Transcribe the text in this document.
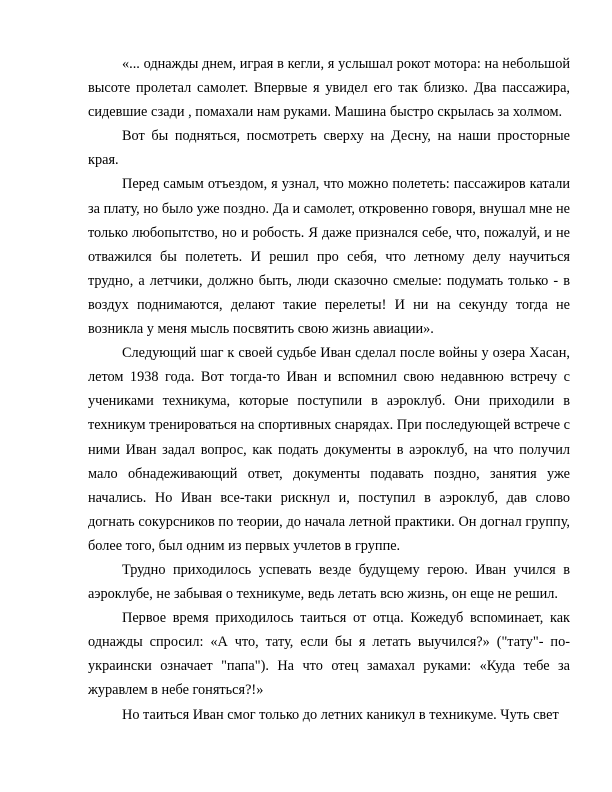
«... однажды днем, играя в кегли, я услышал рокот мотора: на небольшой высоте пролетал самолет. Впервые я увидел его так близко. Два пассажира, сидевшие сзади , помахали нам руками. Машина быстро скрылась за холмом.

Вот бы подняться, посмотреть сверху на Десну, на наши просторные края.

Перед самым отъездом, я узнал, что можно полететь: пассажиров катали за плату, но было уже поздно. Да и самолет, откровенно говоря, внушал мне не только любопытство, но и робость. Я даже признался себе, что, пожалуй, и не отважился бы полететь. И решил про себя, что летному делу научиться трудно, а летчики, должно быть, люди сказочно смелые: подумать только - в воздух поднимаются, делают такие перелеты! И ни на секунду тогда не возникла у меня мысль посвятить свою жизнь авиации».

Следующий шаг к своей судьбе Иван сделал после войны у озера Хасан, летом 1938 года. Вот тогда-то Иван и вспомнил свою недавнюю встречу с учениками техникума, которые поступили в аэроклуб. Они приходили в техникум тренироваться на спортивных снарядах. При последующей встрече с ними Иван задал вопрос, как подать документы в аэроклуб, на что получил мало обнадеживающий ответ, документы подавать поздно, занятия уже начались. Но Иван все-таки рискнул и, поступил в аэроклуб, дав слово догнать сокурсников по теории, до начала летной практики. Он догнал группу, более того, был одним из первых учлетов в группе.

Трудно приходилось успевать везде будущему герою. Иван учился в аэроклубе, не забывая о техникуме, ведь летать всю жизнь, он еще не решил.

Первое время приходилось таиться от отца. Кожедуб вспоминает, как однажды спросил: «А что, тату, если бы я летать выучился?» ("тату"- по-украински означает "папа"). На что отец замахал руками: «Куда тебе за журавлем в небе гоняться?!»

Но таиться Иван смог только до летних каникул в техникуме. Чуть свет
